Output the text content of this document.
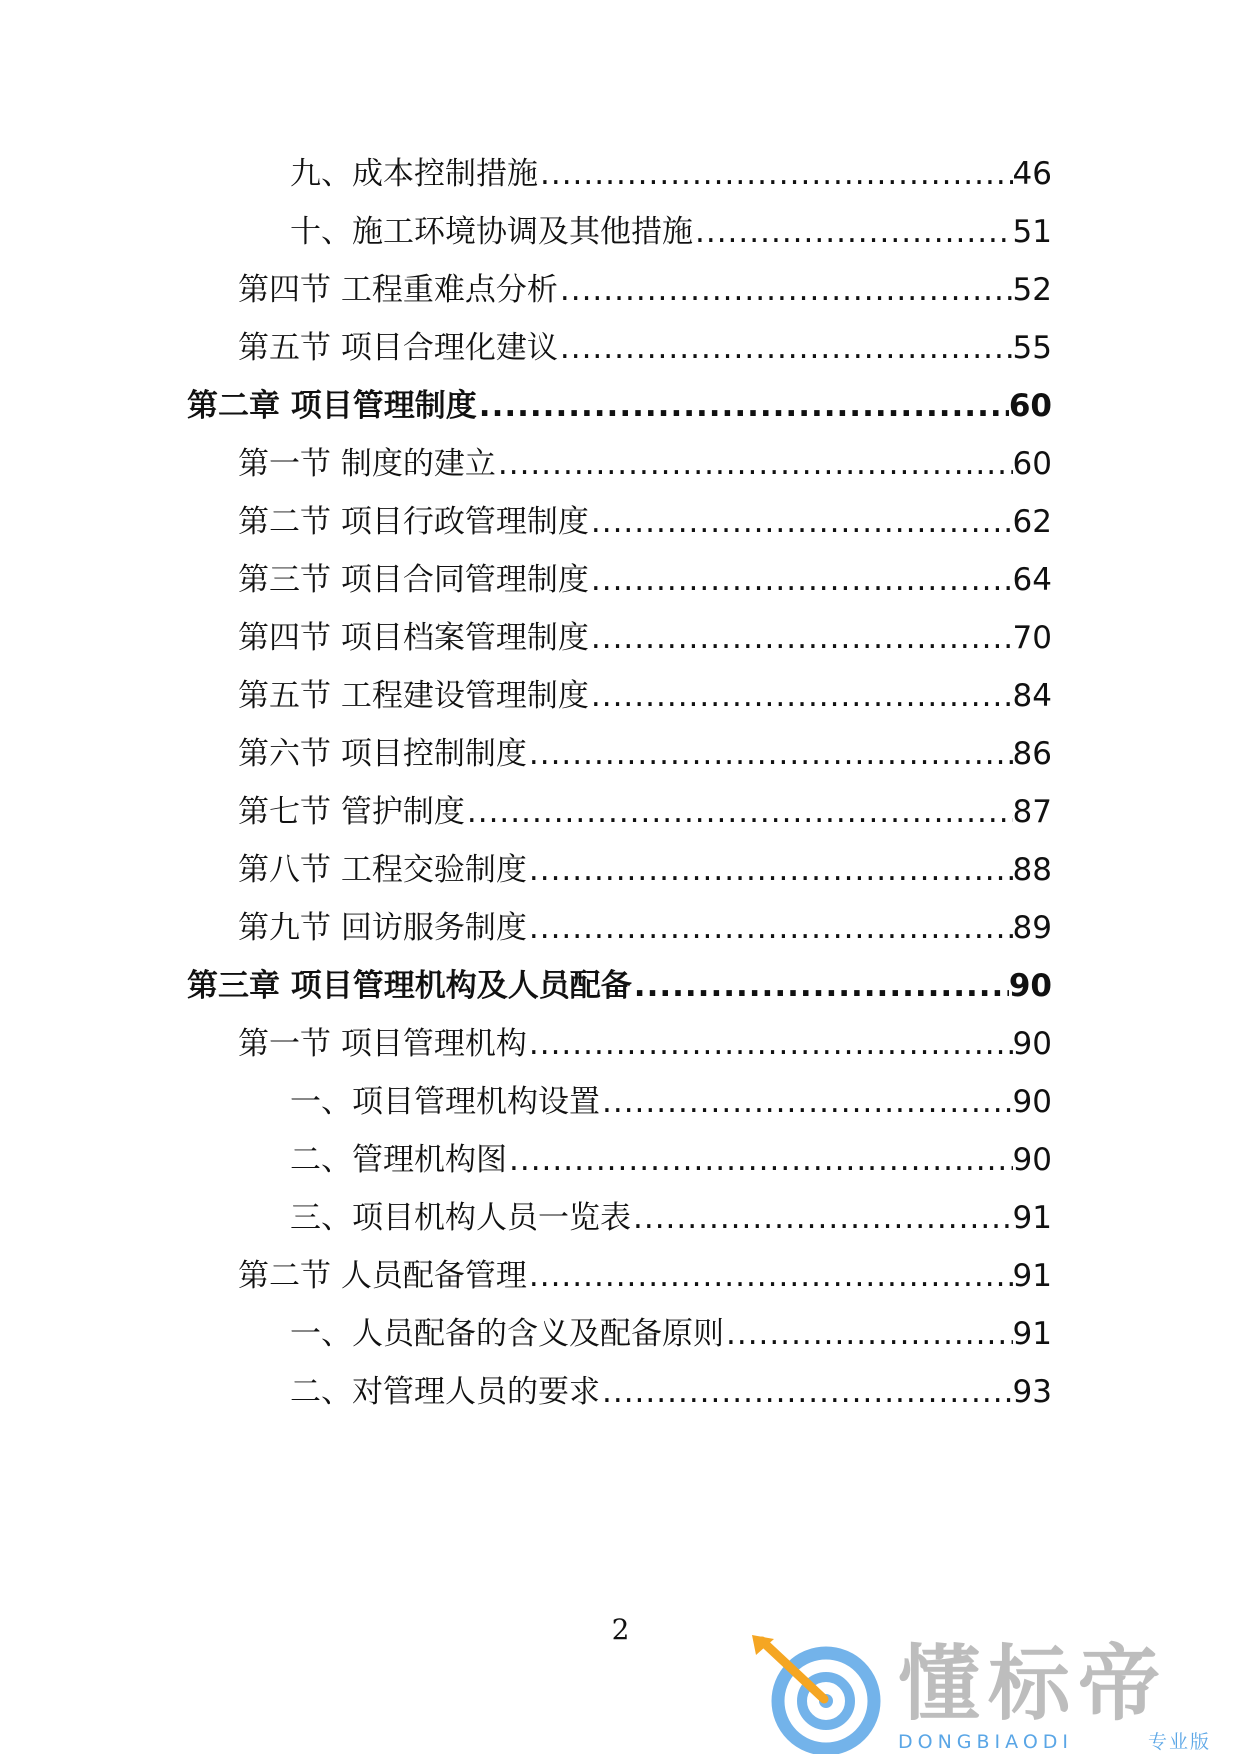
九、成本控制措施 .....	46
十、施工环境协调及其他措施 .....	51
第四节 工程重难点分析 .....	52
第五节 项目合理化建议 .....	55
第二章 项目管理制度 .....	60
第一节 制度的建立 .....	60
第二节 项目行政管理制度 .....	62
第三节 项目合同管理制度 .....	64
第四节 项目档案管理制度 .....	70
第五节 工程建设管理制度 .....	84
第六节 项目控制制度 .....	86
第七节 管护制度 .....	87
第八节 工程交验制度 .....	88
第九节 回访服务制度 .....	89
第三章 项目管理机构及人员配备 .....	90
第一节 项目管理机构 .....	90
一、项目管理机构设置 .....	90
二、管理机构图 .....	90
三、项目机构人员一览表 .....	91
第二节 人员配备管理 .....	91
一、人员配备的含义及配备原则 .....	91
二、对管理人员的要求 .....	93
2
懂标帝
DONGBIAODI	专业版
